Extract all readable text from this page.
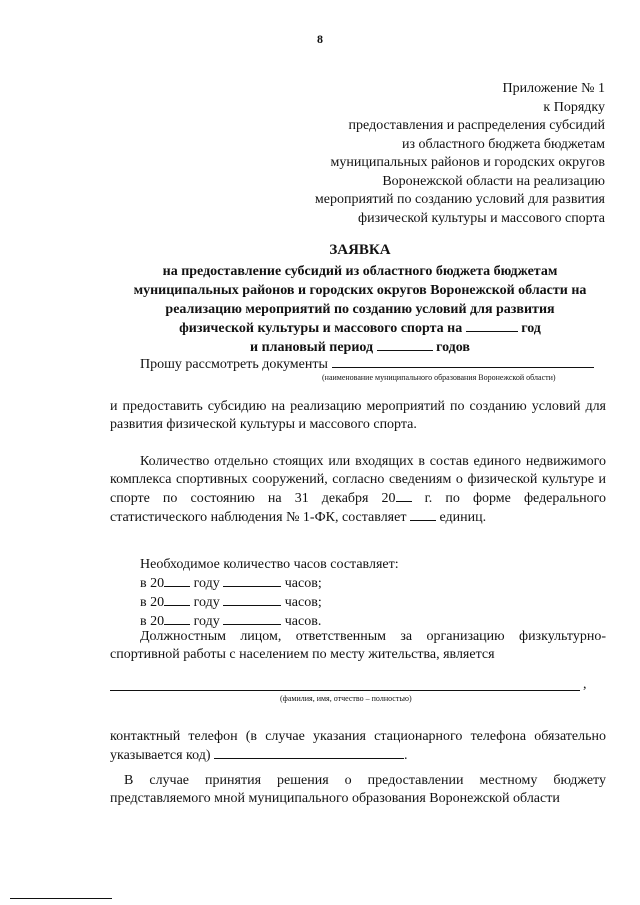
8
Приложение № 1
к Порядку
предоставления и распределения субсидий
из областного бюджета бюджетам
муниципальных районов и городских округов
Воронежской области на реализацию
мероприятий по созданию условий для развития
физической культуры и массового спорта
ЗАЯВКА
на предоставление субсидий из областного бюджета бюджетам
муниципальных районов и городских округов Воронежской области на
реализацию мероприятий по созданию условий для развития
физической культуры и массового спорта на	год
и плановый период	годов
Прошу рассмотреть документы
(наименование муниципального образования Воронежской области)
и предоставить субсидию на реализацию мероприятий по созданию условий для развития физической культуры и массового спорта.
Количество отдельно стоящих или входящих в состав единого недвижимого комплекса спортивных сооружений, согласно сведениям о физической культуре и спорте по состоянию на 31 декабря 20 г. по форме федерального статистического наблюдения № 1-ФК, составляет единиц.
Необходимое количество часов составляет:
в 20 году	часов;
в 20 году	часов;
в 20 году	часов.
Должностным лицом, ответственным за организацию физкультурно-спортивной работы с населением по месту жительства, является
,
(фамилия, имя, отчество – полностью)
контактный телефон (в случае указания стационарного телефона обязательно указывается код)	.
В случае принятия решения о предоставлении местному бюджету представляемого мной муниципального образования Воронежской области
